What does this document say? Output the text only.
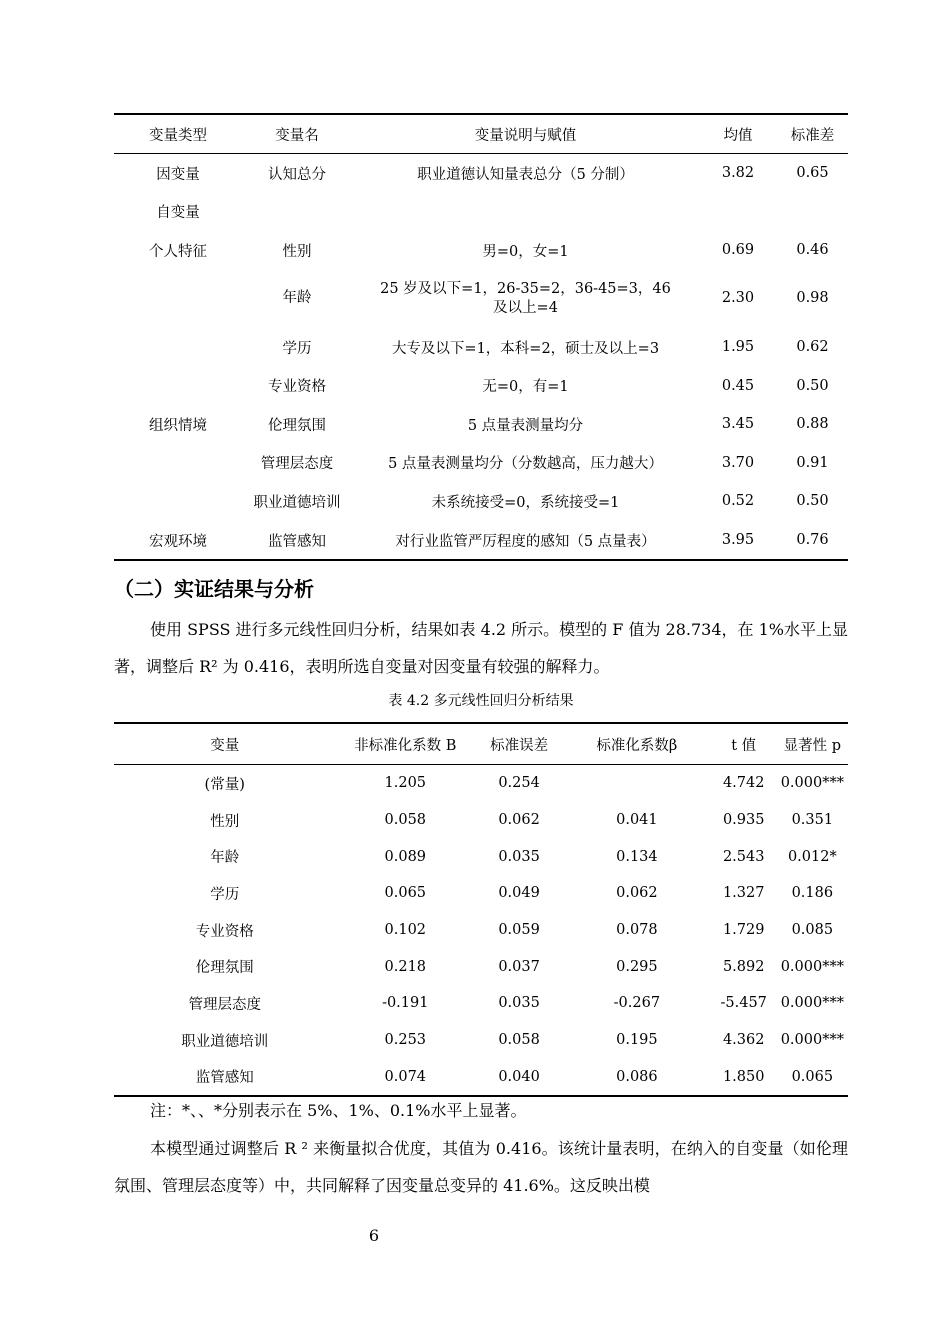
变量类型	变量名	变量说明与赋值	均值	标准差
因变量	认知总分	职业道德认知量表总分（5 分制）	3.82	0.65
自变量				
个人特征	性别	男=0，女=1	0.69	0.46
	年龄	25 岁及以下=1，26-35=2，36-45=3，46 及以上=4	2.30	0.98
	学历	大专及以下=1，本科=2，硕士及以上=3	1.95	0.62
	专业资格	无=0，有=1	0.45	0.50
组织情境	伦理氛围	5 点量表测量均分	3.45	0.88
	管理层态度	5 点量表测量均分（分数越高，压力越大）	3.70	0.91
	职业道德培训	未系统接受=0，系统接受=1	0.52	0.50
宏观环境	监管感知	对行业监管严厉程度的感知（5 点量表）	3.95	0.76
（二）实证结果与分析
使用 SPSS 进行多元线性回归分析，结果如表 4.2 所示。模型的 F 值为 28.734，在 1%水平上显著，调整后 R² 为 0.416，表明所选自变量对因变量有较强的解释力。
表 4.2 多元线性回归分析结果
变量	非标准化系数 B	标准误差	标准化系数β	t 值	显著性 p
(常量)	1.205	0.254		4.742	0.000***
性别	0.058	0.062	0.041	0.935	0.351
年龄	0.089	0.035	0.134	2.543	0.012*
学历	0.065	0.049	0.062	1.327	0.186
专业资格	0.102	0.059	0.078	1.729	0.085
伦理氛围	0.218	0.037	0.295	5.892	0.000***
管理层态度	-0.191	0.035	-0.267	-5.457	0.000***
职业道德培训	0.253	0.058	0.195	4.362	0.000***
监管感知	0.074	0.040	0.086	1.850	0.065
注：*、、*分别表示在 5%、1%、0.1%水平上显著。
本模型通过调整后 R ² 来衡量拟合优度，其值为 0.416。该统计量表明，在纳入的自变量（如伦理氛围、管理层态度等）中，共同解释了因变量总变异的 41.6%。这反映出模
6
